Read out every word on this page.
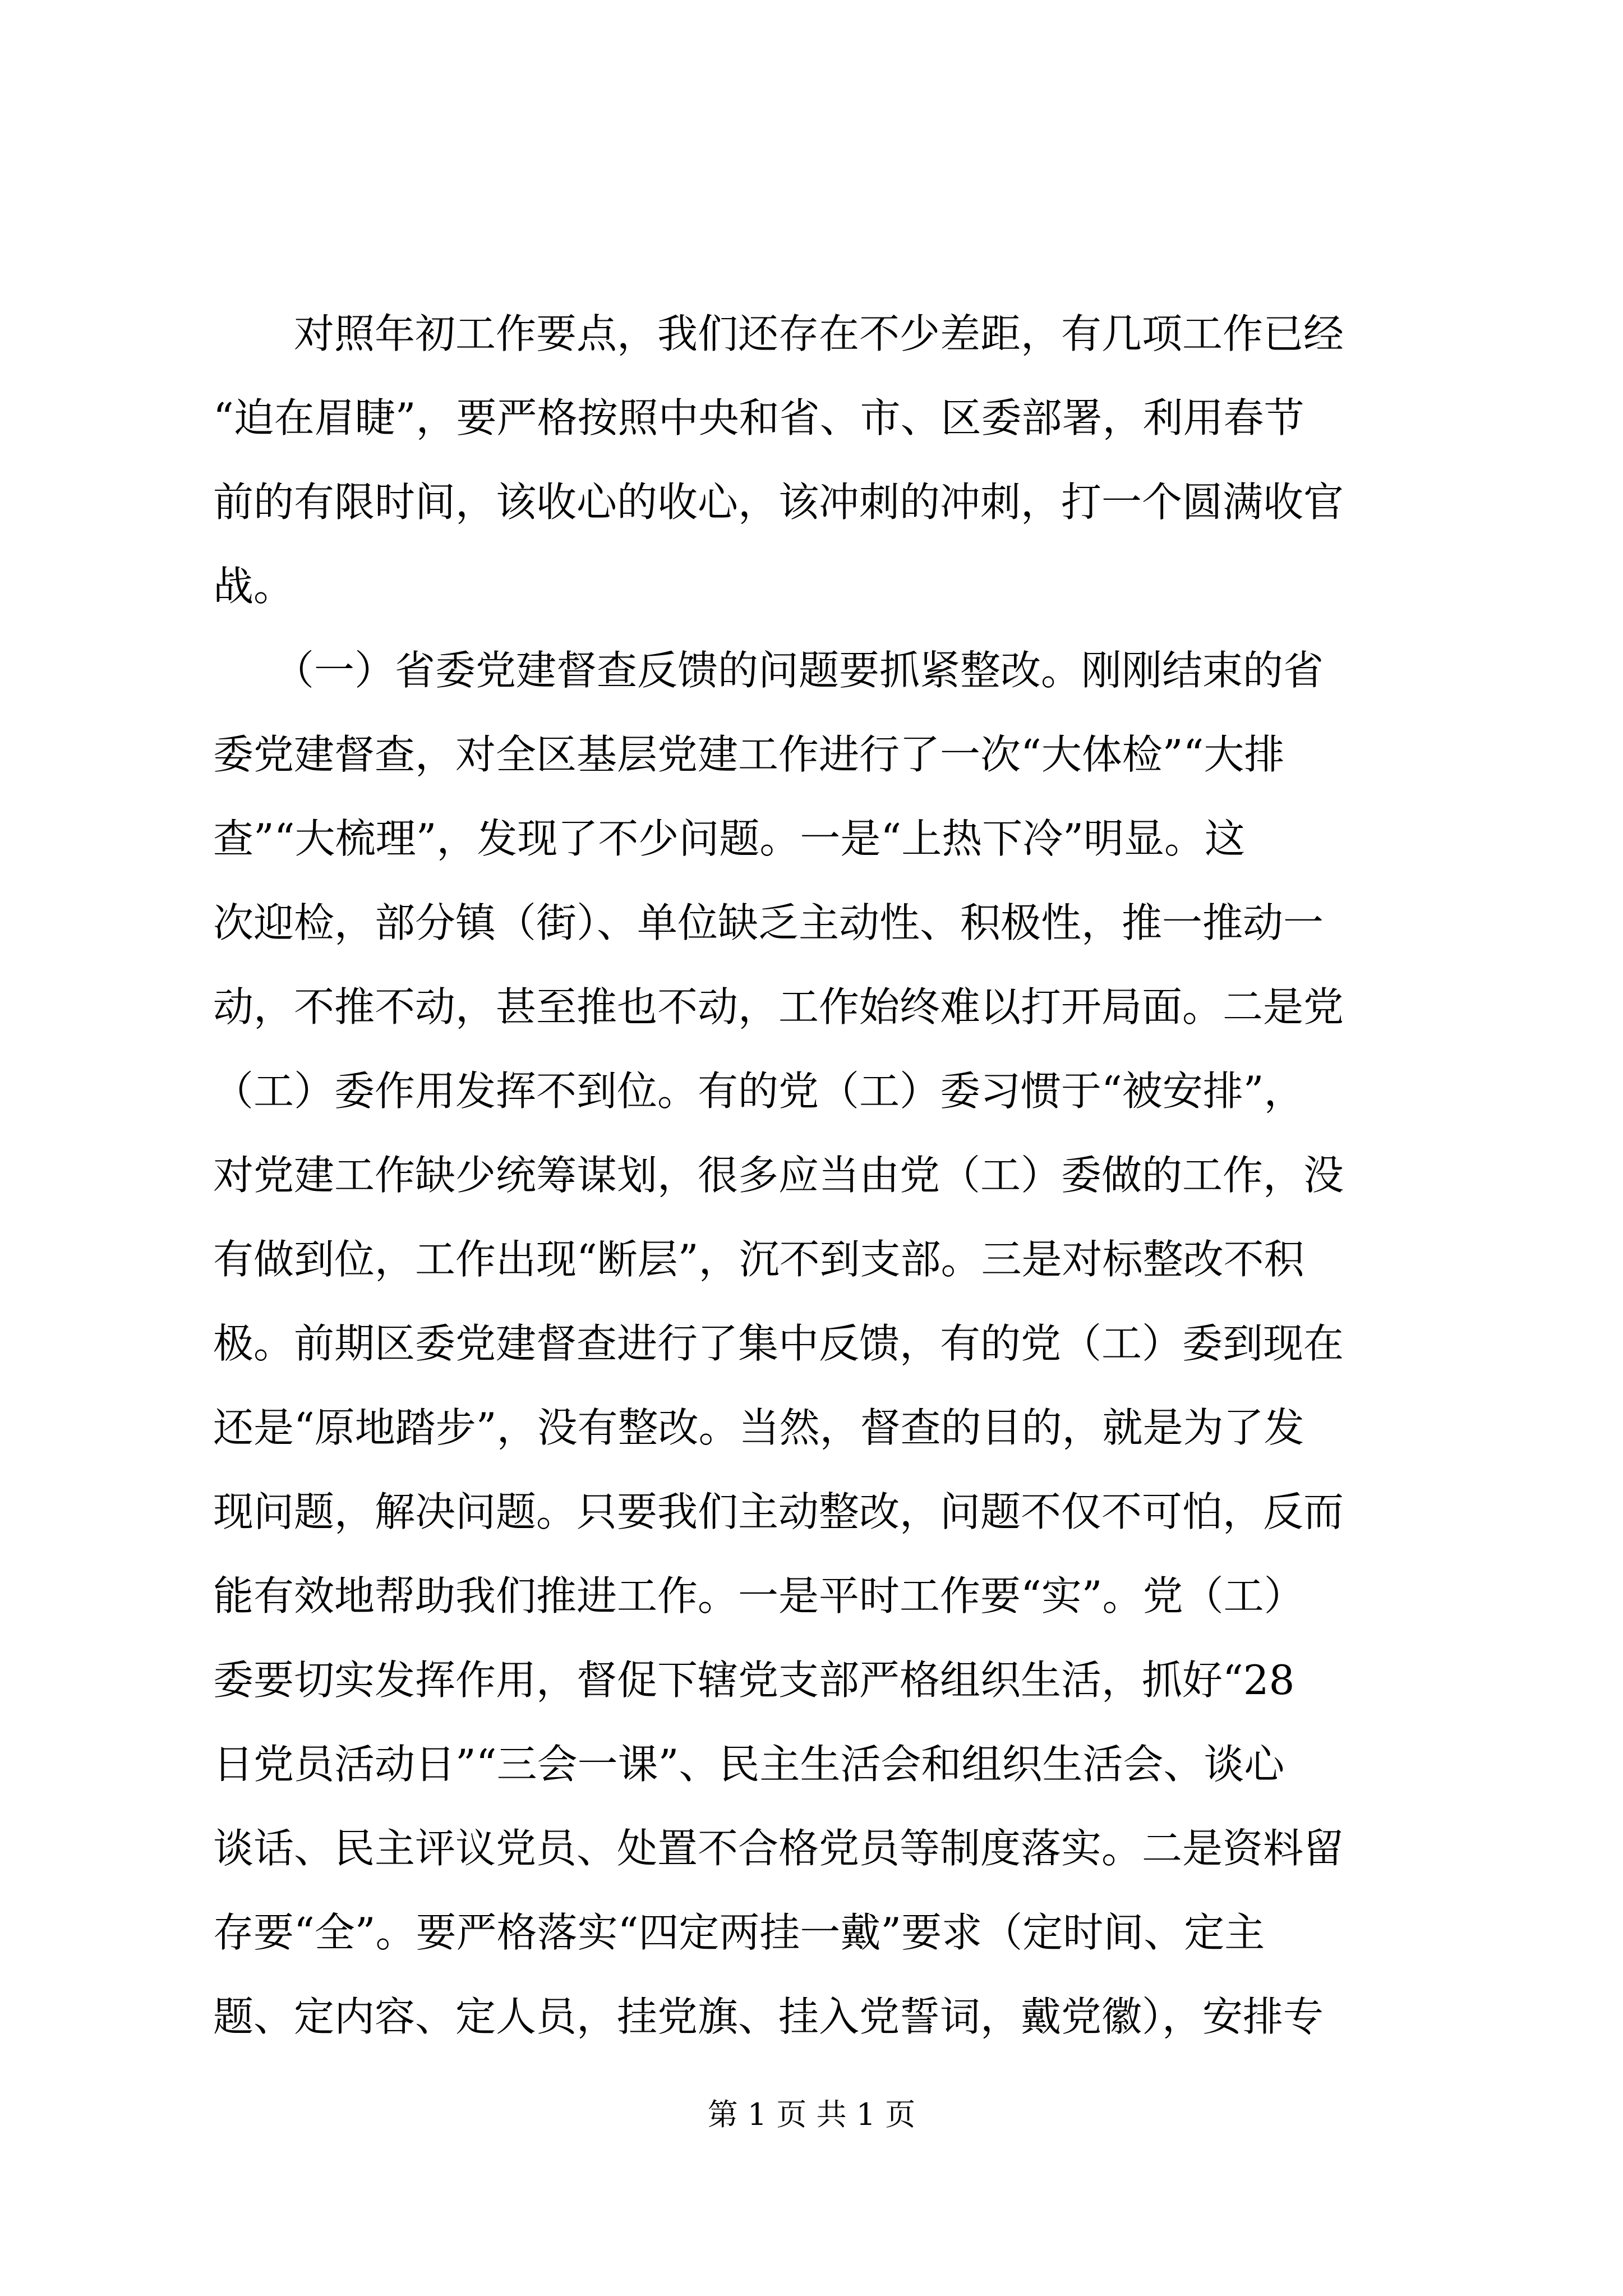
　　对照年初工作要点，我们还存在不少差距，有几项工作已经
“迫在眉睫”，要严格按照中央和省、市、区委部署，利用春节
前的有限时间，该收心的收心，该冲刺的冲刺，打一个圆满收官
战。
　　（一）省委党建督查反馈的问题要抓紧整改。刚刚结束的省
委党建督查，对全区基层党建工作进行了一次“大体检”“大排
查”“大梳理”，发现了不少问题。一是“上热下冷”明显。这
次迎检，部分镇（街）、单位缺乏主动性、积极性，推一推动一
动，不推不动，甚至推也不动，工作始终难以打开局面。二是党
（工）委作用发挥不到位。有的党（工）委习惯于“被安排”，
对党建工作缺少统筹谋划，很多应当由党（工）委做的工作，没
有做到位，工作出现“断层”，沉不到支部。三是对标整改不积
极。前期区委党建督查进行了集中反馈，有的党（工）委到现在
还是“原地踏步”，没有整改。当然，督查的目的，就是为了发
现问题，解决问题。只要我们主动整改，问题不仅不可怕，反而
能有效地帮助我们推进工作。一是平时工作要“实”。党（工）
委要切实发挥作用，督促下辖党支部严格组织生活，抓好“28
日党员活动日”“三会一课”、民主生活会和组织生活会、谈心
谈话、民主评议党员、处置不合格党员等制度落实。二是资料留
存要“全”。要严格落实“四定两挂一戴”要求（定时间、定主
题、定内容、定人员，挂党旗、挂入党誓词，戴党徽），安排专
第 1 页 共 1 页
